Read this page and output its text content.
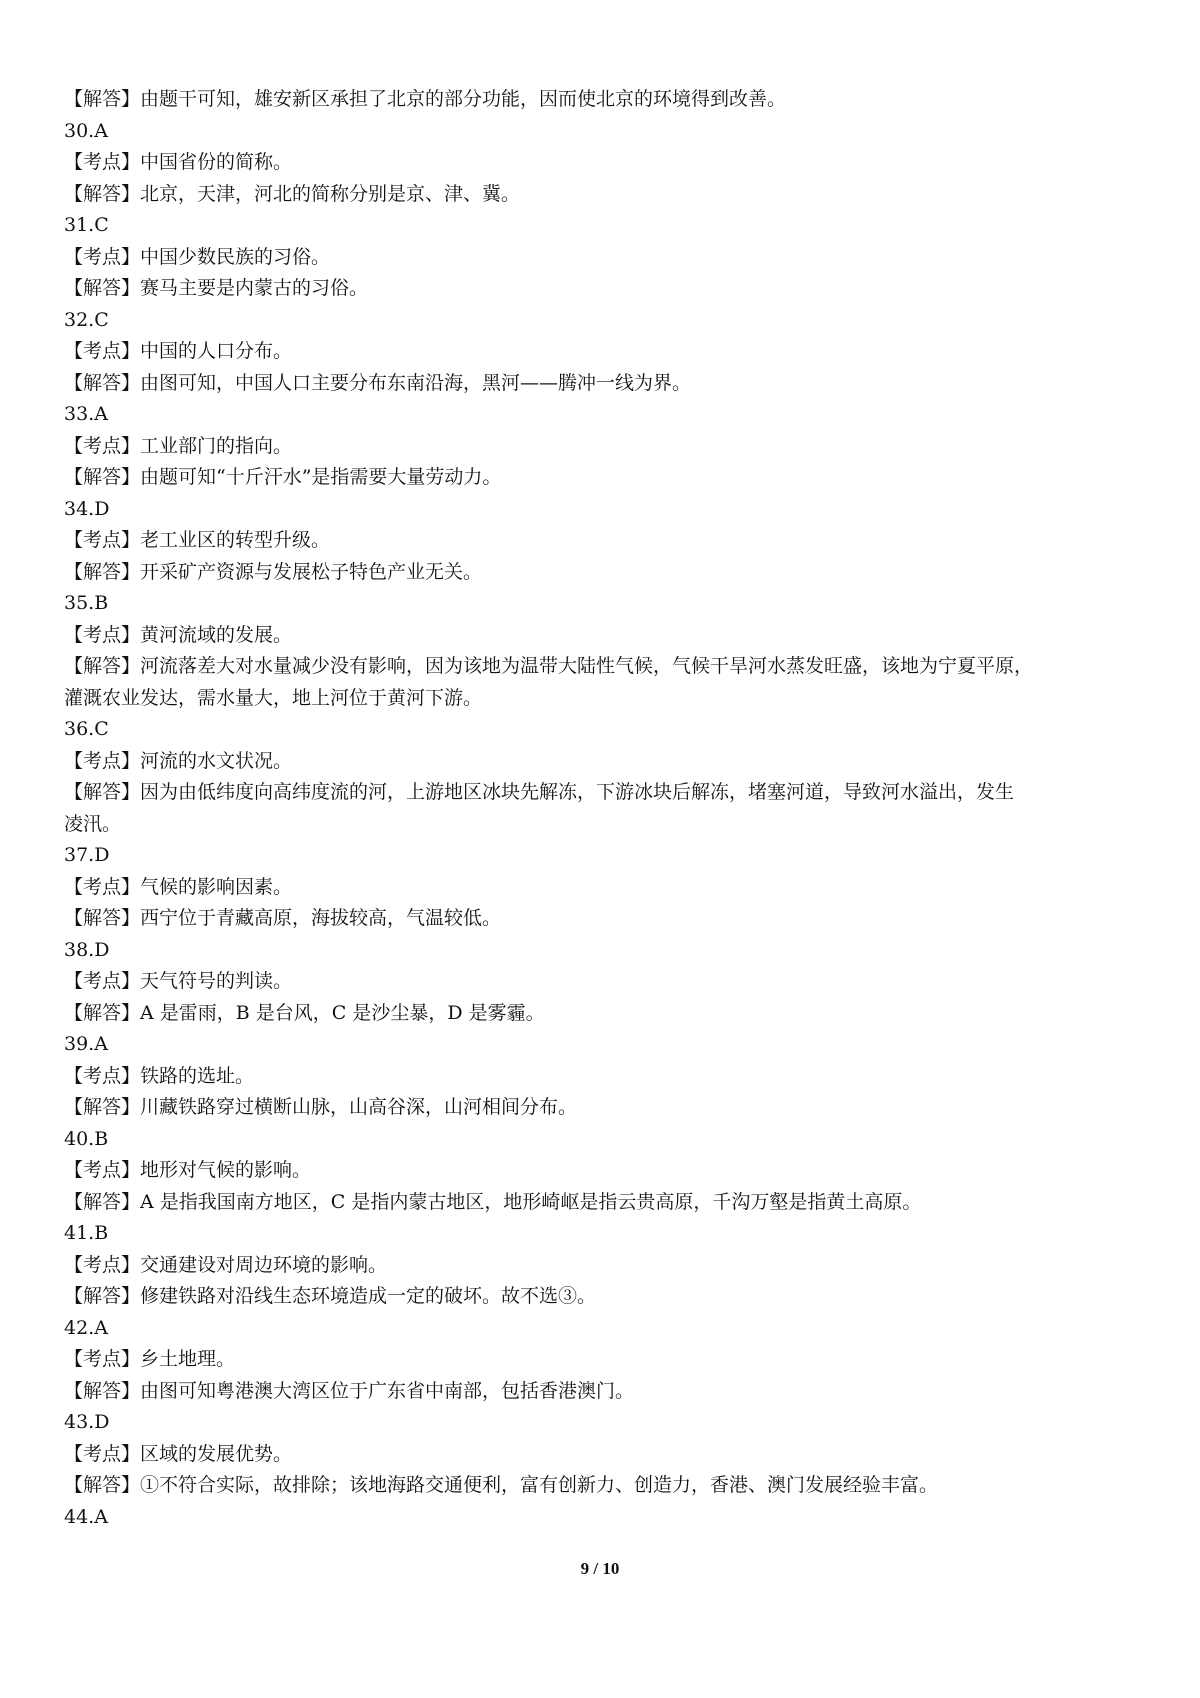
【解答】由题干可知，雄安新区承担了北京的部分功能，因而使北京的环境得到改善。

30.A

【考点】中国省份的简称。

【解答】北京，天津，河北的简称分别是京、津、冀。

31.C

【考点】中国少数民族的习俗。

【解答】赛马主要是内蒙古的习俗。

32.C

【考点】中国的人口分布。

【解答】由图可知，中国人口主要分布东南沿海，黑河——腾冲一线为界。

33.A

【考点】工业部门的指向。

【解答】由题可知“十斤汗水”是指需要大量劳动力。

34.D

【考点】老工业区的转型升级。

【解答】开采矿产资源与发展松子特色产业无关。

35.B

【考点】黄河流域的发展。

【解答】河流落差大对水量减少没有影响，因为该地为温带大陆性气候，气候干旱河水蒸发旺盛，该地为宁夏平原，

灌溉农业发达，需水量大，地上河位于黄河下游。

36.C

【考点】河流的水文状况。

【解答】因为由低纬度向高纬度流的河，上游地区冰块先解冻，下游冰块后解冻，堵塞河道，导致河水溢出，发生

凌汛。

37.D

【考点】气候的影响因素。

【解答】西宁位于青藏高原，海拔较高，气温较低。

38.D

【考点】天气符号的判读。

【解答】A 是雷雨，B 是台风，C 是沙尘暴，D 是雾霾。

39.A

【考点】铁路的选址。

【解答】川藏铁路穿过横断山脉，山高谷深，山河相间分布。

40.B

【考点】地形对气候的影响。

【解答】A 是指我国南方地区，C 是指内蒙古地区，地形崎岖是指云贵高原，千沟万壑是指黄土高原。

41.B

【考点】交通建设对周边环境的影响。

【解答】修建铁路对沿线生态环境造成一定的破坏。故不选③。

42.A

【考点】乡土地理。

【解答】由图可知粤港澳大湾区位于广东省中南部，包括香港澳门。

43.D

【考点】区域的发展优势。

【解答】①不符合实际，故排除；该地海路交通便利，富有创新力、创造力，香港、澳门发展经验丰富。

44.A

9 / 10
